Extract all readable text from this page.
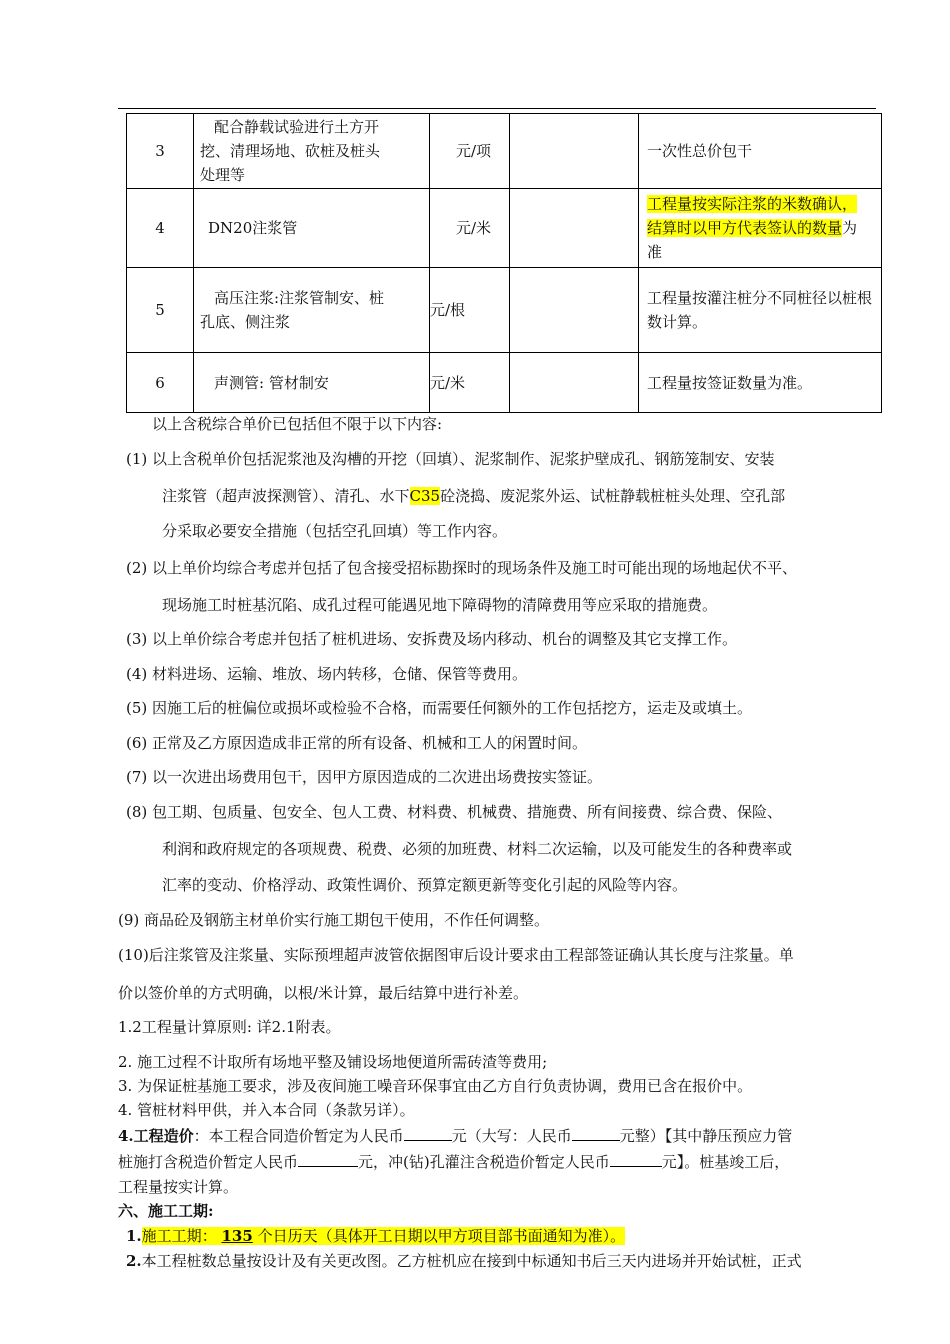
3	配合静载试验进行土方开
挖、清理场地、砍桩及桩头
处理等	元/项		一次性总价包干
4	DN20注浆管	元/米		工程量按实际注浆的米数确认，
结算时以甲方代表签认的数量为
准

5	高压注浆:注浆管制安、桩
孔底、侧注浆	元/根		工程量按灌注桩分不同桩径以桩根数计算。
6	声测管: 管材制安	元/米		工程量按签证数量为准。
以上含税综合单价已包括但不限于以下内容:
(1) 以上含税单价包括泥浆池及沟槽的开挖（回填）、泥浆制作、泥浆护壁成孔、钢筋笼制安、安装
注浆管（超声波探测管）、清孔、水下C35砼浇捣、废泥浆外运、试桩静载桩桩头处理、空孔部
分采取必要安全措施（包括空孔回填）等工作内容。
(2) 以上单价均综合考虑并包括了包含接受招标勘探时的现场条件及施工时可能出现的场地起伏不平、
现场施工时桩基沉陷、成孔过程可能遇见地下障碍物的清障费用等应采取的措施费。
(3) 以上单价综合考虑并包括了桩机进场、安拆费及场内移动、机台的调整及其它支撑工作。
(4) 材料进场、运输、堆放、场内转移，仓储、保管等费用。
(5) 因施工后的桩偏位或损坏或检验不合格，而需要任何额外的工作包括挖方，运走及或填土。
(6) 正常及乙方原因造成非正常的所有设备、机械和工人的闲置时间。
(7) 以一次进出场费用包干，因甲方原因造成的二次进出场费按实签证。
(8) 包工期、包质量、包安全、包人工费、材料费、机械费、措施费、所有间接费、综合费、保险、
利润和政府规定的各项规费、税费、必须的加班费、材料二次运输，以及可能发生的各种费率或
汇率的变动、价格浮动、政策性调价、预算定额更新等变化引起的风险等内容。
(9) 商品砼及钢筋主材单价实行施工期包干使用，不作任何调整。
(10)后注浆管及注浆量、实际预埋超声波管依据图审后设计要求由工程部签证确认其长度与注浆量。单
价以签价单的方式明确，以根/米计算，最后结算中进行补差。
1.2工程量计算原则: 详2.1附表。
2. 施工过程不计取所有场地平整及铺设场地便道所需砖渣等费用;
3. 为保证桩基施工要求，涉及夜间施工噪音环保事宜由乙方自行负责协调，费用已含在报价中。
4. 管桩材料甲供，并入本合同（条款另详）。
4.工程造价：本工程合同造价暂定为人民币	元（大写：人民币	元整）【其中静压预应力管
桩施打含税造价暂定人民币	元，冲(钻)孔灌注含税造价暂定人民币	元】。桩基竣工后，
工程量按实计算。
六、施工工期:
1.施工工期： 135 个日历天（具体开工日期以甲方项目部书面通知为准）。
2.本工程桩数总量按设计及有关更改图。乙方桩机应在接到中标通知书后三天内进场并开始试桩，正式
